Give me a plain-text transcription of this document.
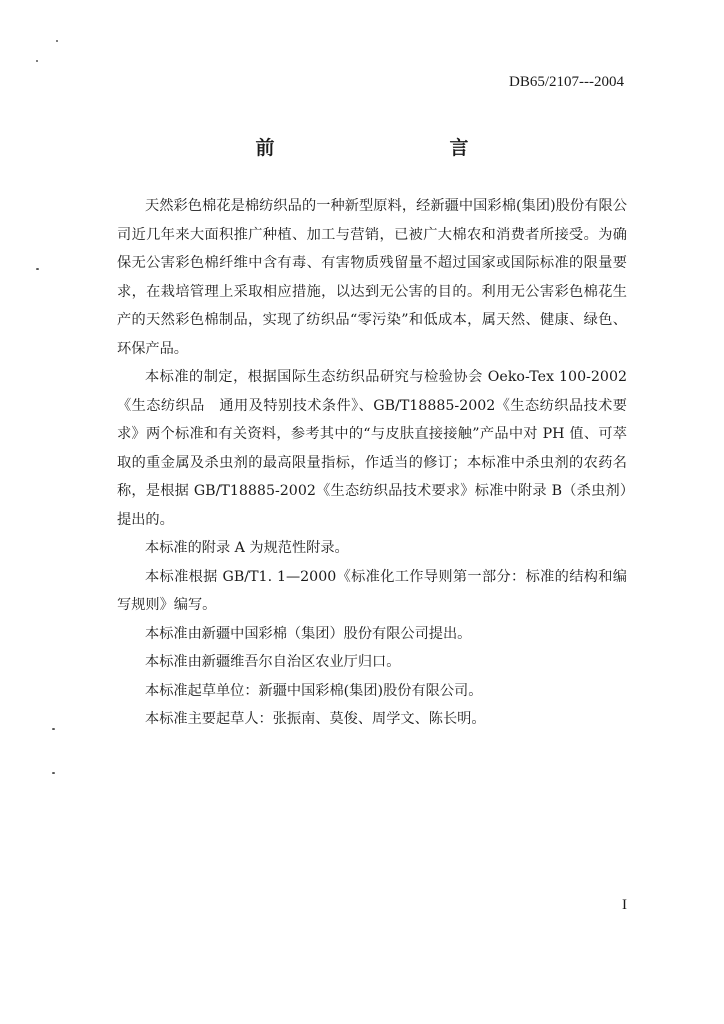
DB65/2107---2004
前　言

天然彩色棉花是棉纺织品的一种新型原料，经新疆中国彩棉(集团)股份有限公司近几年来大面积推广种植、加工与营销，已被广大棉农和消费者所接受。为确保无公害彩色棉纤维中含有毒、有害物质残留量不超过国家或国际标准的限量要求，在栽培管理上采取相应措施，以达到无公害的目的。利用无公害彩色棉花生产的天然彩色棉制品，实现了纺织品“零污染”和低成本，属天然、健康、绿色、环保产品。

本标准的制定，根据国际生态纺织品研究与检验协会 Oeko-Tex 100-2002《生态纺织品　通用及特别技术条件》、GB/T18885-2002《生态纺织品技术要求》两个标准和有关资料，参考其中的“与皮肤直接接触”产品中对 PH 值、可萃取的重金属及杀虫剂的最高限量指标，作适当的修订；本标准中杀虫剂的农药名称，是根据 GB/T18885-2002《生态纺织品技术要求》标准中附录 B（杀虫剂）提出的。

本标准的附录 A 为规范性附录。

本标准根据 GB/T1. 1—2000《标准化工作导则第一部分：标准的结构和编写规则》编写。

本标准由新疆中国彩棉（集团）股份有限公司提出。

本标准由新疆维吾尔自治区农业厅归口。

本标准起草单位：新疆中国彩棉(集团)股份有限公司。

本标准主要起草人：张振南、莫俊、周学文、陈长明。

I
